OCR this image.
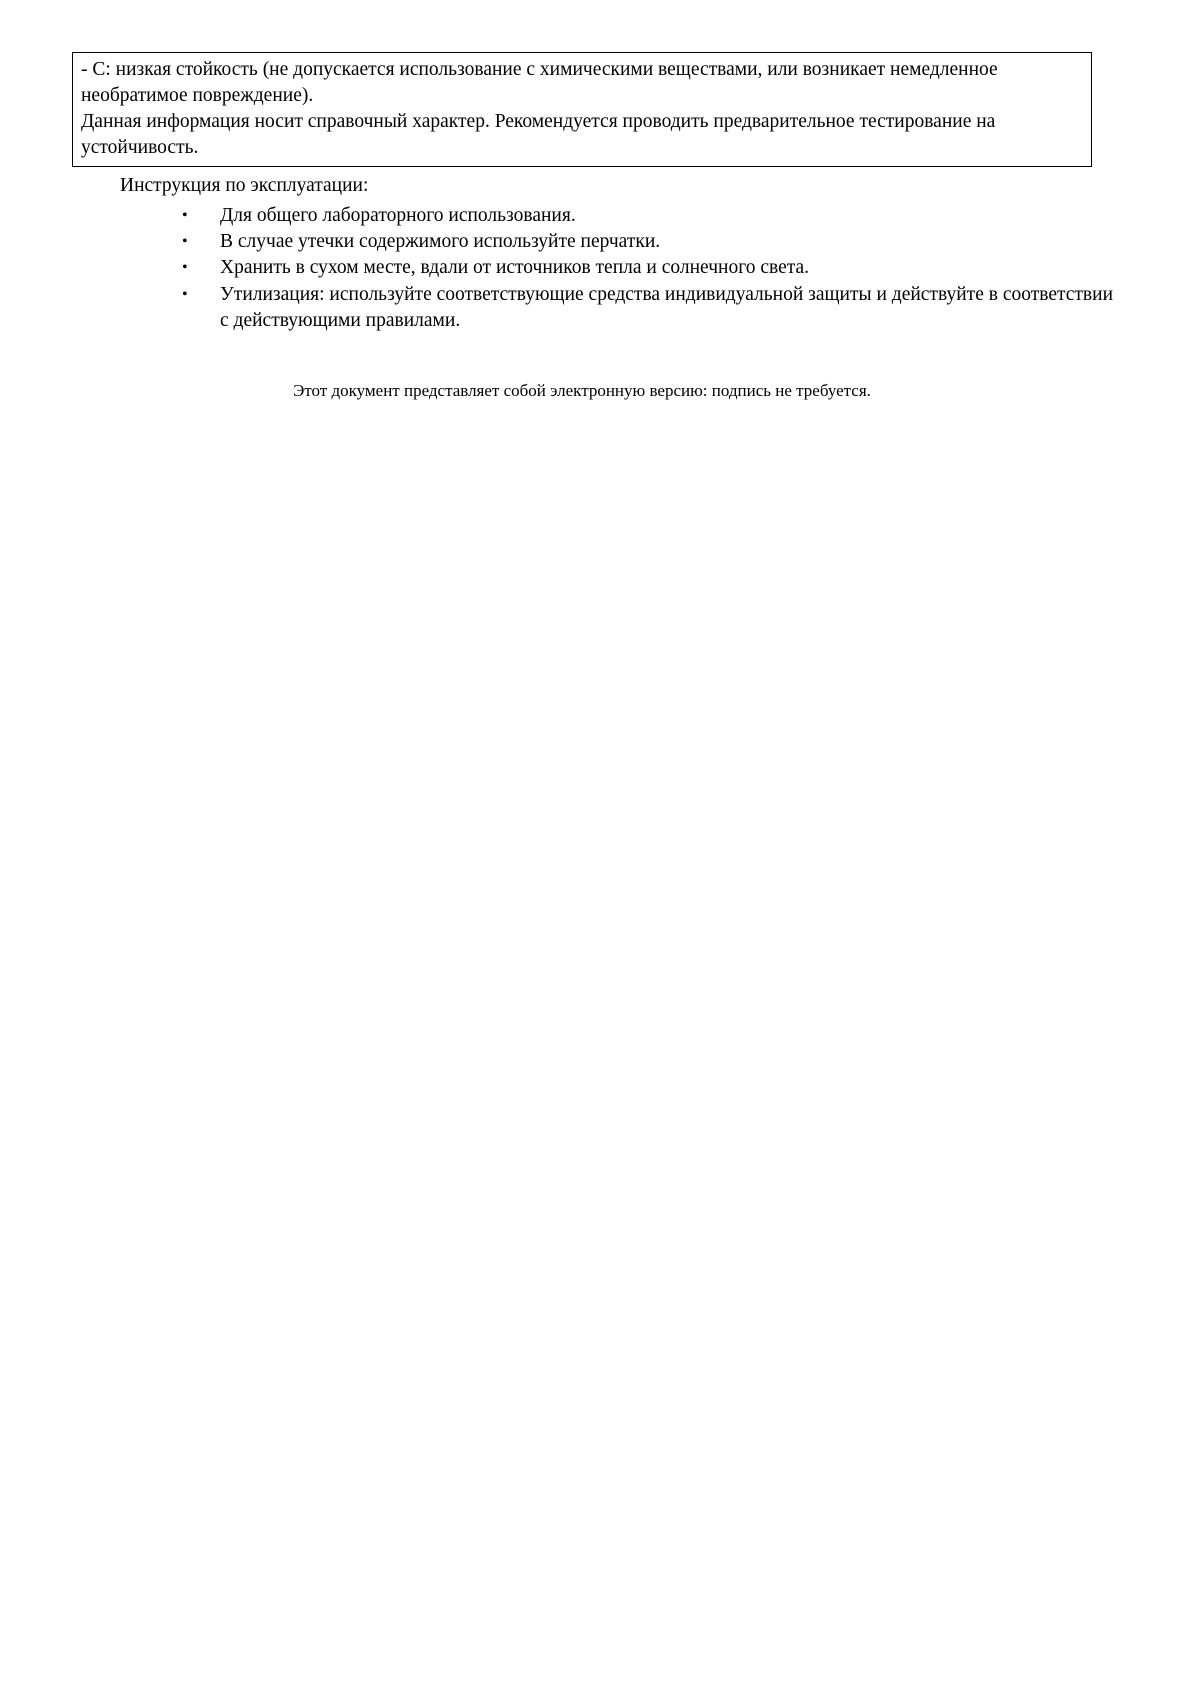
- C: низкая стойкость (не допускается использование с химическими веществами, или возникает немедленное необратимое повреждение).

Данная информация носит справочный характер. Рекомендуется проводить предварительное тестирование на устойчивость.

Инструкция по эксплуатации:
• Для общего лабораторного использования.
• В случае утечки содержимого используйте перчатки.
• Хранить в сухом месте, вдали от источников тепла и солнечного света.
• Утилизация: используйте соответствующие средства индивидуальной защиты и действуйте в соответствии с действующими правилами.
Этот документ представляет собой электронную версию: подпись не требуется.
